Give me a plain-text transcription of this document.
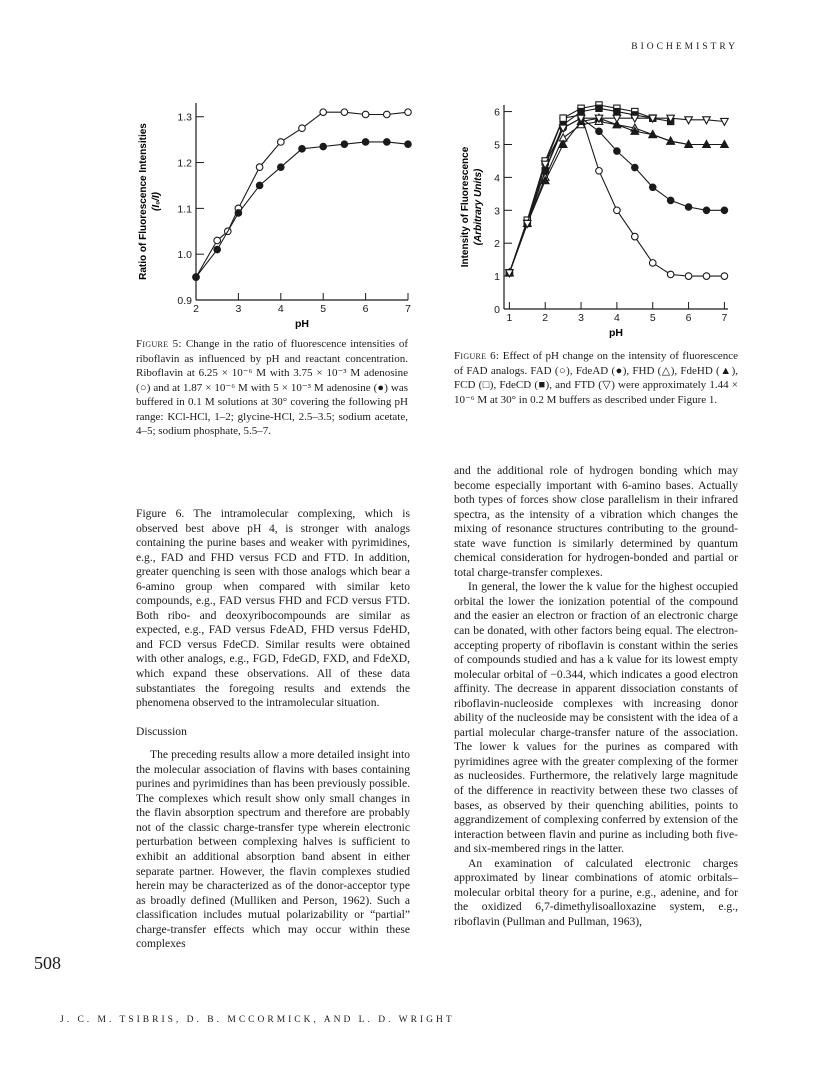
BIOCHEMISTRY
2	3	4	5	6	7
0.9
1.0
1.1
1.2
1.3
pH
Ratio of Fluorescence Intensities (I₀/I)
1	2	3	4	5	6	7
0
1
2
3
4
5
6
pH
Intensity of Fluorescence (Arbitrary Units)
Figure 5: Change in the ratio of fluorescence intensities of riboflavin as influenced by pH and reactant concentration. Riboflavin at 6.25 × 10⁻⁶ M with 3.75 × 10⁻³ M adenosine (○) and at 1.87 × 10⁻⁶ M with 5 × 10⁻³ M adenosine (●) was buffered in 0.1 M solutions at 30° covering the following pH range: KCl-HCl, 1–2; glycine-HCl, 2.5–3.5; sodium acetate, 4–5; sodium phosphate, 5.5–7.
Figure 6: Effect of pH change on the intensity of fluorescence of FAD analogs. FAD (○), FdeAD (●), FHD (△), FdeHD (▲), FCD (□), FdeCD (■), and FTD (▽) were approximately 1.44 × 10⁻⁶ M at 30° in 0.2 M buffers as described under Figure 1.

Figure 6. The intramolecular complexing, which is observed best above pH 4, is stronger with analogs containing the purine bases and weaker with pyrimidines, e.g., FAD and FHD versus FCD and FTD. In addition, greater quenching is seen with those analogs which bear a 6-amino group when compared with similar keto compounds, e.g., FAD versus FHD and FCD versus FTD. Both ribo- and deoxyribocompounds are similar as expected, e.g., FAD versus FdeAD, FHD versus FdeHD, and FCD versus FdeCD. Similar results were obtained with other analogs, e.g., FGD, FdeGD, FXD, and FdeXD, which expand these observations. All of these data substantiates the foregoing results and extends the phenomena observed to the intramolecular situation.

Discussion

The preceding results allow a more detailed insight into the molecular association of flavins with bases containing purines and pyrimidines than has been previously possible. The complexes which result show only small changes in the flavin absorption spectrum and therefore are probably not of the classic charge-transfer type wherein electronic perturbation between complexing halves is sufficient to exhibit an additional absorption band absent in either separate partner. However, the flavin complexes studied herein may be characterized as of the donor-acceptor type as broadly defined (Mulliken and Person, 1962). Such a classification includes mutual polarizability or “partial” charge-transfer effects which may occur within these complexes

and the additional role of hydrogen bonding which may become especially important with 6-amino bases. Actually both types of forces show close parallelism in their infrared spectra, as the intensity of a vibration which changes the mixing of resonance structures contributing to the ground-state wave function is similarly determined by quantum chemical consideration for hydrogen-bonded and partial or total charge-transfer complexes.

In general, the lower the k value for the highest occupied orbital the lower the ionization potential of the compound and the easier an electron or fraction of an electronic charge can be donated, with other factors being equal. The electron-accepting property of riboflavin is constant within the series of compounds studied and has a k value for its lowest empty molecular orbital of −0.344, which indicates a good electron affinity. The decrease in apparent dissociation constants of riboflavin-nucleoside complexes with increasing donor ability of the nucleoside may be consistent with the idea of a partial molecular charge-transfer nature of the association. The lower k values for the purines as compared with pyrimidines agree with the greater complexing of the former as nucleosides. Furthermore, the relatively large magnitude of the difference in reactivity between these two classes of bases, as observed by their quenching abilities, points to aggrandizement of complexing conferred by extension of the interaction between flavin and purine as including both five- and six-membered rings in the latter.

An examination of calculated electronic charges approximated by linear combinations of atomic orbitals–molecular orbital theory for a purine, e.g., adenine, and for the oxidized 6,7-dimethylisoalloxazine system, e.g., riboflavin (Pullman and Pullman, 1963),

508
J. C. M. TSIBRIS, D. B. MCCORMICK, AND L. D. WRIGHT
